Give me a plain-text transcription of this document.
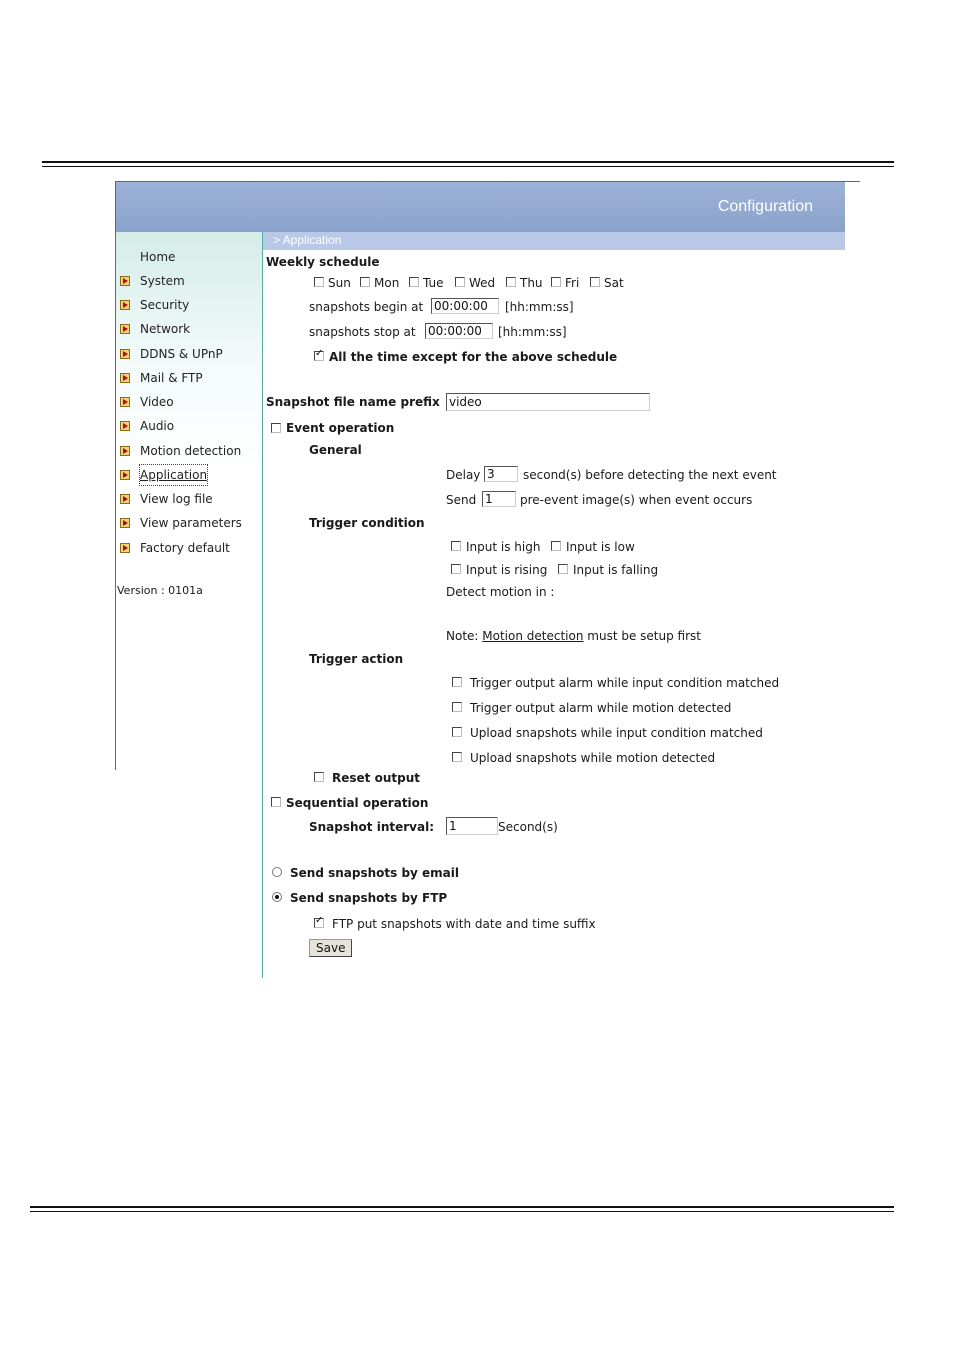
Configuration
Home
System
Security
Network
DDNS & UPnP
Mail & FTP
Video
Audio
Motion detection
Application
View log file
View parameters
Factory default
Version : 0101a
> Application
Weekly schedule
Sun Mon Tue Wed Thu Fri Sat
snapshots begin at
00:00:00	[hh:mm:ss]
snapshots stop at
00:00:00	[hh:mm:ss]
✓
All the time except for the above schedule
Snapshot file name prefix
video
Event operation
General
Delay
3	second(s) before detecting the next event
Send
1	pre-event image(s) when event occurs
Trigger condition
Input is high Input is low
Input is rising Input is falling
Detect motion in :
Note: Motion detection must be setup first
Trigger action
Trigger output alarm while input condition matched
Trigger output alarm while motion detected
Upload snapshots while input condition matched
Upload snapshots while motion detected
Reset output
Sequential operation
Snapshot interval:
1	Second(s)
Send snapshots by email
Send snapshots by FTP
✓
FTP put snapshots with date and time suffix
Save
